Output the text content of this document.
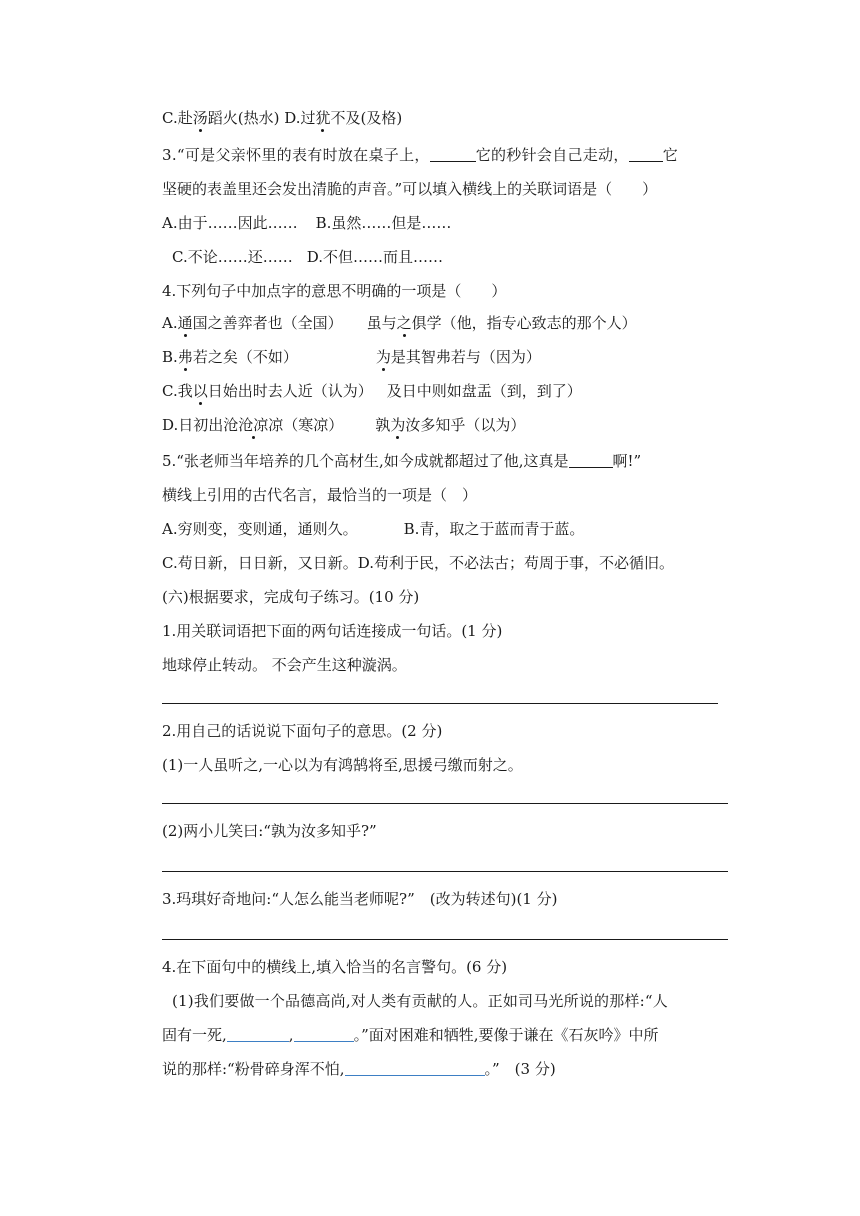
C.赴汤蹈火(热水) D.过犹不及(及格)
3.“可是父亲怀里的表有时放在桌子上，	它的秒针会自己走动， 它
坚硬的表盖里还会发出清脆的声音。”可以填入横线上的关联词语是（　　）
A.由于……因此…… B.虽然……但是……
C.不论……还…… D.不但……而且……
4.下列句子中加点字的意思不明确的一项是（　　）
A.通国之善弈者也（全国） 虽与之俱学（他，指专心致志的那个人）
B.弗若之矣（不如）	为是其智弗若与（因为）
C.我以日始出时去人近（认为） 及日中则如盘盂（到，到了）
D.日初出沧沧凉凉（寒凉） 孰为汝多知乎（以为）
5.“张老师当年培养的几个高材生,如今成就都超过了他,这真是	啊!”
横线上引用的古代名言，最恰当的一项是（　）
A.穷则变，变则通，通则久。	B.青，取之于蓝而青于蓝。
C.苟日新，日日新，又日新。D.苟利于民，不必法古；苟周于事，不必循旧。
(六)根据要求，完成句子练习。(10 分)
1.用关联词语把下面的两句话连接成一句话。(1 分)
地球停止转动。 不会产生这种漩涡。
2.用自己的话说说下面句子的意思。(2 分)
(1)一人虽听之,一心以为有鸿鹄将至,思援弓缴而射之。
(2)两小儿笑曰:“孰为汝多知乎?”
3.玛琪好奇地问:“人怎么能当老师呢?”　(改为转述句)(1 分)
4.在下面句中的横线上,填入恰当的名言警句。(6 分)
(1)我们要做一个品德高尚,对人类有贡献的人。正如司马光所说的那样:“人
固有一死,	,	。”面对困难和牺牲,要像于谦在《石灰吟》中所
说的那样:“粉骨碎身浑不怕,	。”　(3 分)
